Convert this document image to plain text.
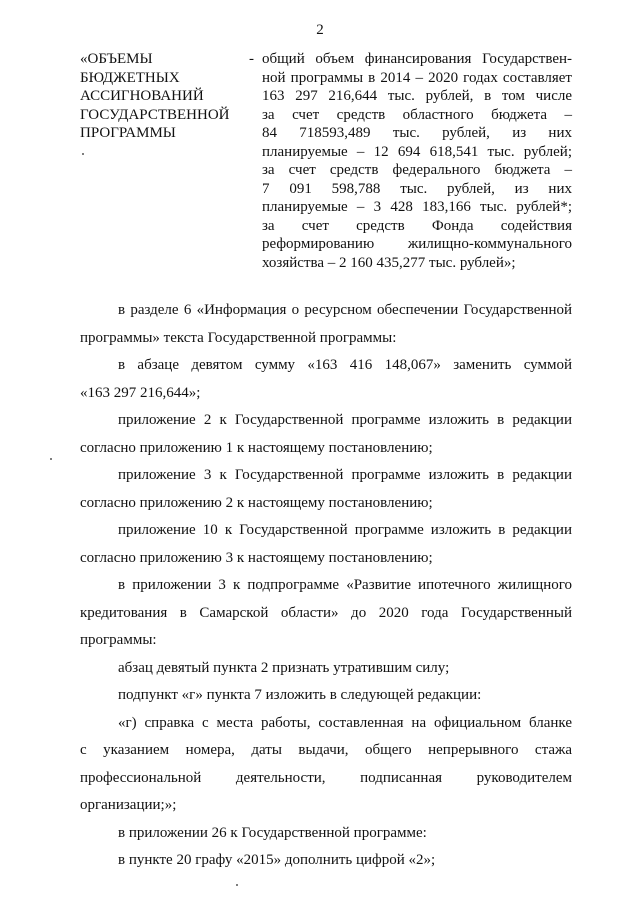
2
«ОБЪЕМЫ
БЮДЖЕТНЫХ
АССИГНОВАНИЙ
ГОСУДАРСТВЕННОЙ
ПРОГРАММЫ
- общий объем финансирования Государствен-
ной программы в 2014 – 2020 годах составляет
163 297 216,644 тыс. рублей, в том числе
за счет средств областного бюджета –
84 718593,489 тыс. рублей, из них
планируемые – 12 694 618,541 тыс. рублей;
за счет средств федерального бюджета –
7 091 598,788 тыс. рублей, из них
планируемые – 3 428 183,166 тыс. рублей*;
за счет средств Фонда содействия
реформированию жилищно-коммунального
хозяйства – 2 160 435,277 тыс. рублей»;

в разделе 6 «Информация о ресурсном обеспечении Государственной
программы» текста Государственной программы:

в абзаце девятом сумму «163 416 148,067» заменить суммой
«163 297 216,644»;

приложение 2 к Государственной программе изложить в редакции
согласно приложению 1 к настоящему постановлению;

приложение 3 к Государственной программе изложить в редакции
согласно приложению 2 к настоящему постановлению;

приложение 10 к Государственной программе изложить в редакции
согласно приложению 3 к настоящему постановлению;

в приложении 3 к подпрограмме «Развитие ипотечного жилищного
кредитования в Самарской области» до 2020 года Государственный
программы:

абзац девятый пункта 2 признать утратившим силу;

подпункт «г» пункта 7 изложить в следующей редакции:

«г) справка с места работы, составленная на официальном бланке
с указанием номера, даты выдачи, общего непрерывного стажа
профессиональной деятельности, подписанная руководителем
организации;»;

в приложении 26 к Государственной программе:

в пункте 20 графу «2015» дополнить цифрой «2»;
